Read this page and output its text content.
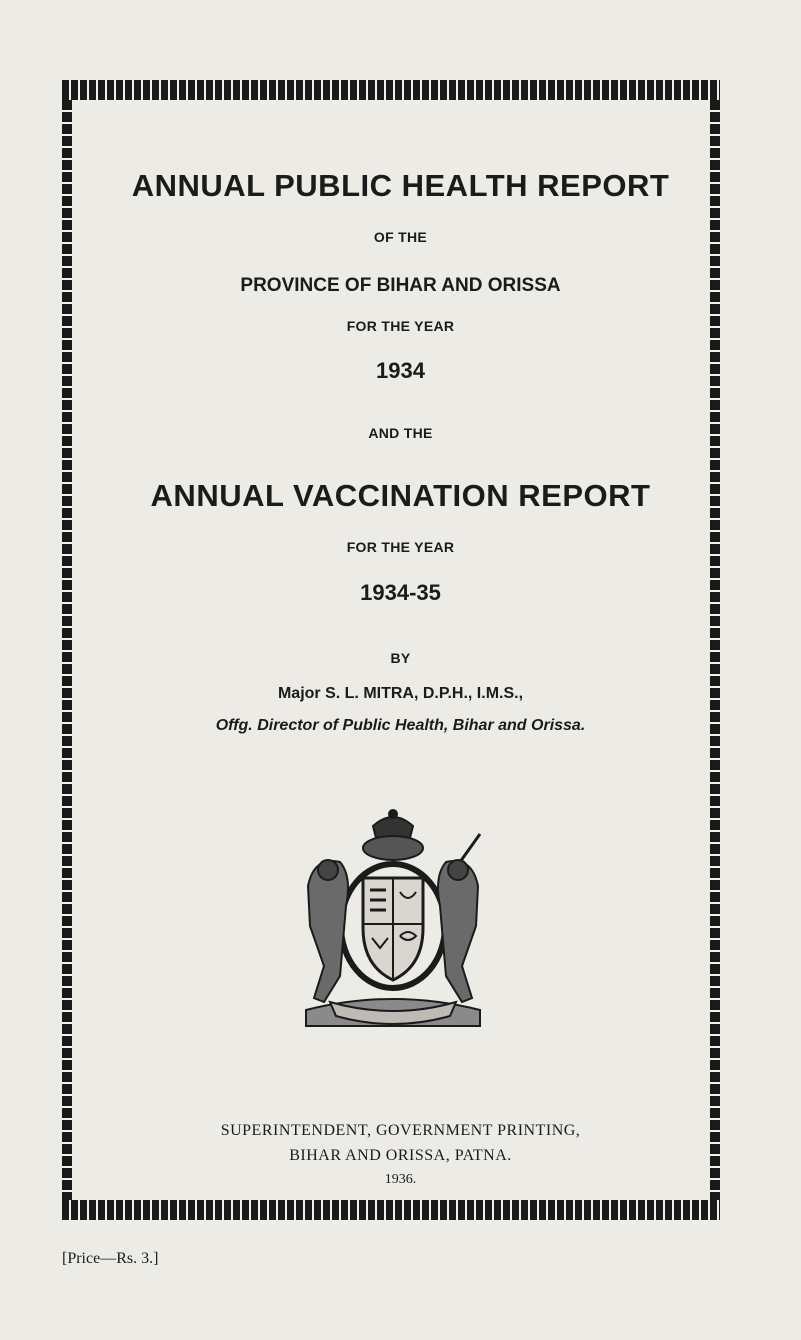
ANNUAL PUBLIC HEALTH REPORT
OF THE
PROVINCE OF BIHAR AND ORISSA
FOR THE YEAR
1934
AND THE
ANNUAL VACCINATION REPORT
FOR THE YEAR
1934-35
BY
Major S. L. MITRA, D.P.H., I.M.S.,
Offg. Director of Public Health, Bihar and Orissa.
SUPERINTENDENT, GOVERNMENT PRINTING,
BIHAR AND ORISSA, PATNA.
1936.
[Price—Rs. 3.]
